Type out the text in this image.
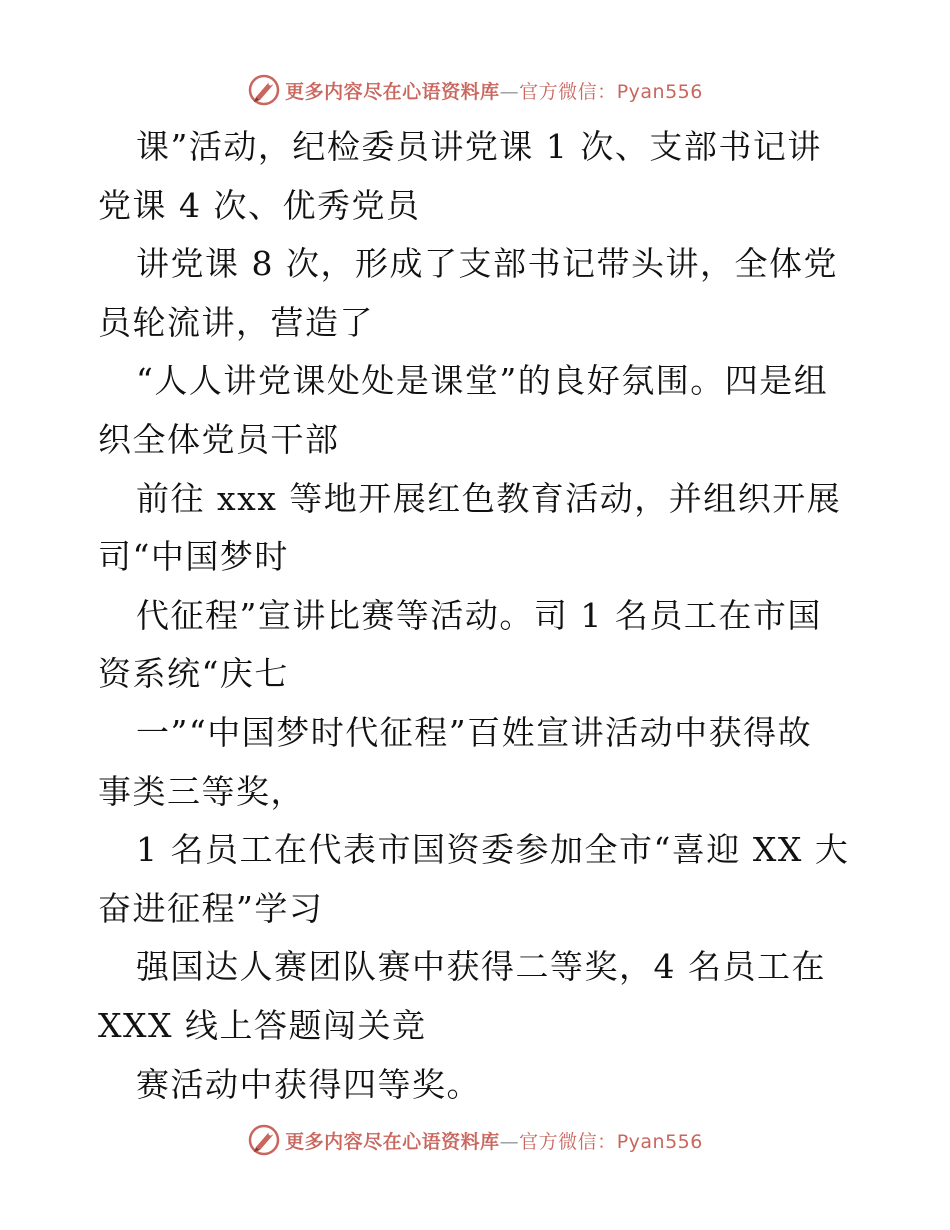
更多内容尽在心语资料库—官方微信：Pyan556
课”活动，纪检委员讲党课 1 次、支部书记讲
党课 4 次、优秀党员
讲党课 8 次，形成了支部书记带头讲，全体党
员轮流讲，营造了
“人人讲党课处处是课堂”的良好氛围。四是组
织全体党员干部
前往 xxx 等地开展红色教育活动，并组织开展
司“中国梦时
代征程”宣讲比赛等活动。司 1 名员工在市国
资系统“庆七
一”“中国梦时代征程”百姓宣讲活动中获得故
事类三等奖，
1 名员工在代表市国资委参加全市“喜迎 XX 大
奋进征程”学习
强国达人赛团队赛中获得二等奖，4 名员工在
XXX 线上答题闯关竞
赛活动中获得四等奖。
更多内容尽在心语资料库—官方微信：Pyan556
